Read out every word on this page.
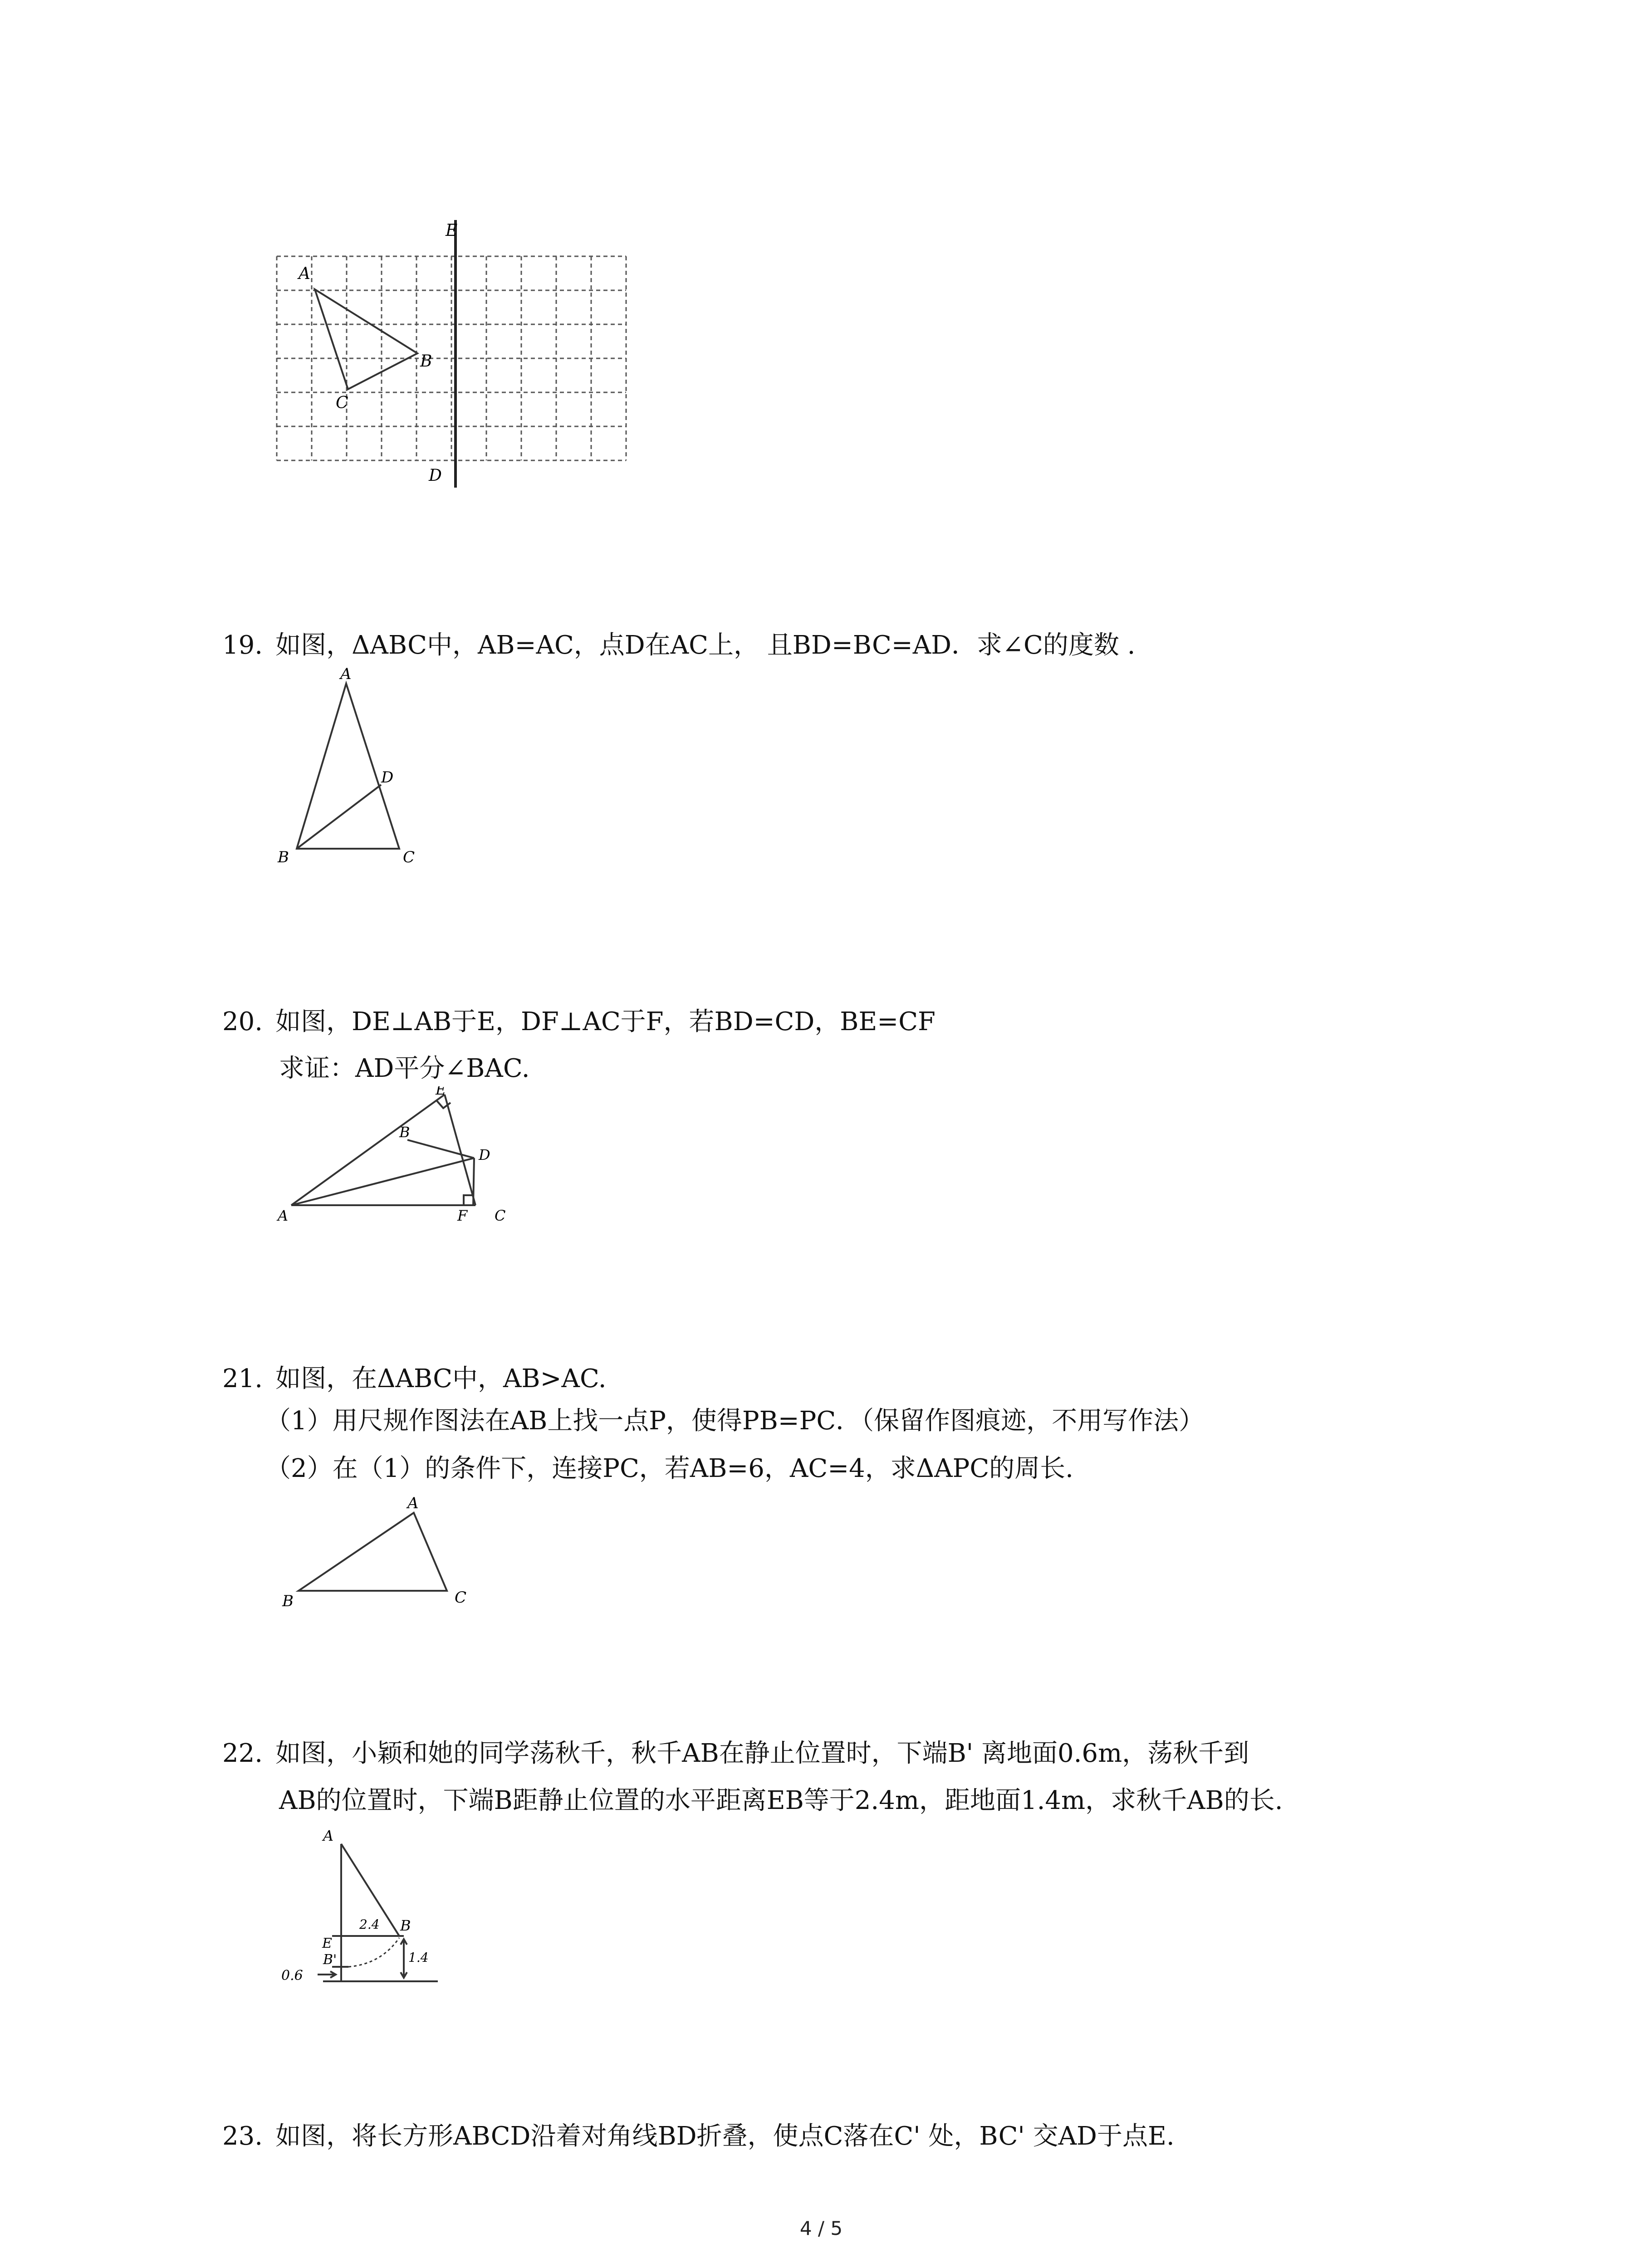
E
A
B
C
D
19. 如图，ΔABC中，AB=AC，点D在AC上， 且BD=BC=AD．求∠C的度数 .
A
D
B	C
20. 如图，DE⊥AB于E，DF⊥AC于F，若BD=CD，BE=CF
求证：AD平分∠BAC.
B
E
D
A	F C
21. 如图，在ΔABC中，AB>AC.
（1）用尺规作图法在AB上找一点P，使得PB=PC．（保留作图痕迹，不用写作法）
（2）在（1）的条件下，连接PC，若AB=6，AC=4，求ΔAPC的周长.
A
B	C
22. 如图，小颖和她的同学荡秋千，秋千AB在静止位置时，下端B' 离地面0.6m，荡秋千到
AB的位置时，下端B距静止位置的水平距离EB等于2.4m，距地面1.4m，求秋千AB的长.
A
2.4 B
E
B'	1.4
0.6
23. 如图，将长方形ABCD沿着对角线BD折叠，使点C落在C' 处，BC' 交AD于点E.
4 / 5
